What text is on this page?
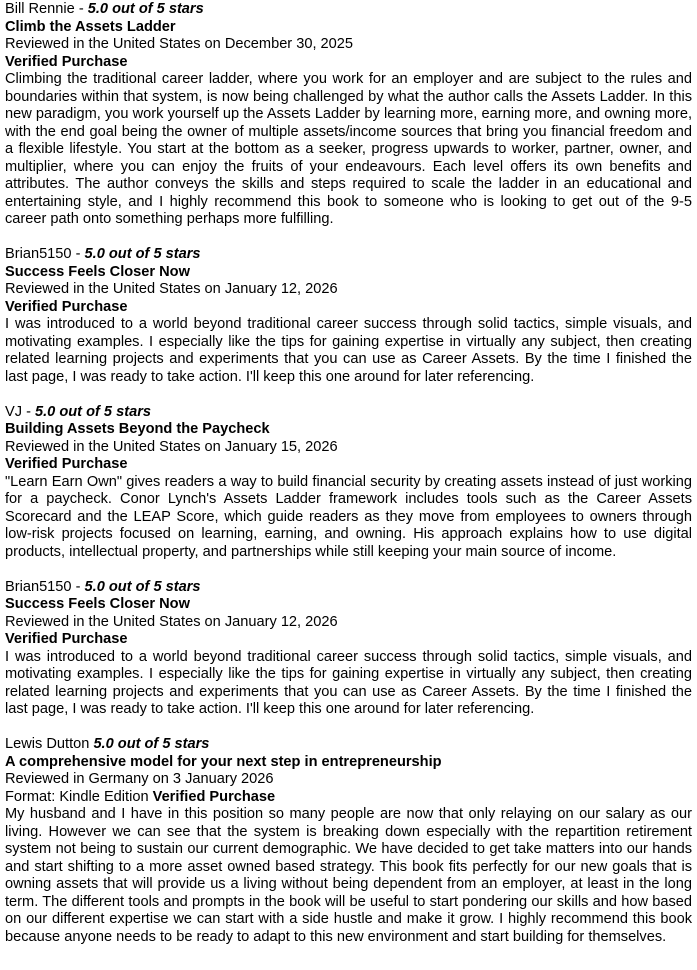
Bill Rennie - 5.0 out of 5 stars

Climb the Assets Ladder

Reviewed in the United States on December 30, 2025

Verified Purchase

Climbing the traditional career ladder, where you work for an employer and are subject to the rules and boundaries within that system, is now being challenged by what the author calls the Assets Ladder. In this new paradigm, you work yourself up the Assets Ladder by learning more, earning more, and owning more, with the end goal being the owner of multiple assets/income sources that bring you financial freedom and a flexible lifestyle. You start at the bottom as a seeker, progress upwards to worker, partner, owner, and multiplier, where you can enjoy the fruits of your endeavours. Each level offers its own benefits and attributes. The author conveys the skills and steps required to scale the ladder in an educational and entertaining style, and I highly recommend this book to someone who is looking to get out of the 9-5 career path onto something perhaps more fulfilling.

Brian5150 - 5.0 out of 5 stars

Success Feels Closer Now

Reviewed in the United States on January 12, 2026

Verified Purchase

I was introduced to a world beyond traditional career success through solid tactics, simple visuals, and motivating examples. I especially like the tips for gaining expertise in virtually any subject, then creating related learning projects and experiments that you can use as Career Assets. By the time I finished the last page, I was ready to take action. I'll keep this one around for later referencing.

VJ - 5.0 out of 5 stars

Building Assets Beyond the Paycheck

Reviewed in the United States on January 15, 2026

Verified Purchase

"Learn Earn Own" gives readers a way to build financial security by creating assets instead of just working for a paycheck. Conor Lynch's Assets Ladder framework includes tools such as the Career Assets Scorecard and the LEAP Score, which guide readers as they move from employees to owners through low-risk projects focused on learning, earning, and owning. His approach explains how to use digital products, intellectual property, and partnerships while still keeping your main source of income.

Brian5150 - 5.0 out of 5 stars

Success Feels Closer Now

Reviewed in the United States on January 12, 2026

Verified Purchase

I was introduced to a world beyond traditional career success through solid tactics, simple visuals, and motivating examples. I especially like the tips for gaining expertise in virtually any subject, then creating related learning projects and experiments that you can use as Career Assets. By the time I finished the last page, I was ready to take action. I'll keep this one around for later referencing.

Lewis Dutton 5.0 out of 5 stars

A comprehensive model for your next step in entrepreneurship

Reviewed in Germany on 3 January 2026

Format: Kindle Edition Verified Purchase

My husband and I have in this position so many people are now that only relaying on our salary as our living. However we can see that the system is breaking down especially with the repartition retirement system not being to sustain our current demographic. We have decided to get take matters into our hands and start shifting to a more asset owned based strategy. This book fits perfectly for our new goals that is owning assets that will provide us a living without being dependent from an employer, at least in the long term. The different tools and prompts in the book will be useful to start pondering our skills and how based on our different expertise we can start with a side hustle and make it grow. I highly recommend this book because anyone needs to be ready to adapt to this new environment and start building for themselves.
